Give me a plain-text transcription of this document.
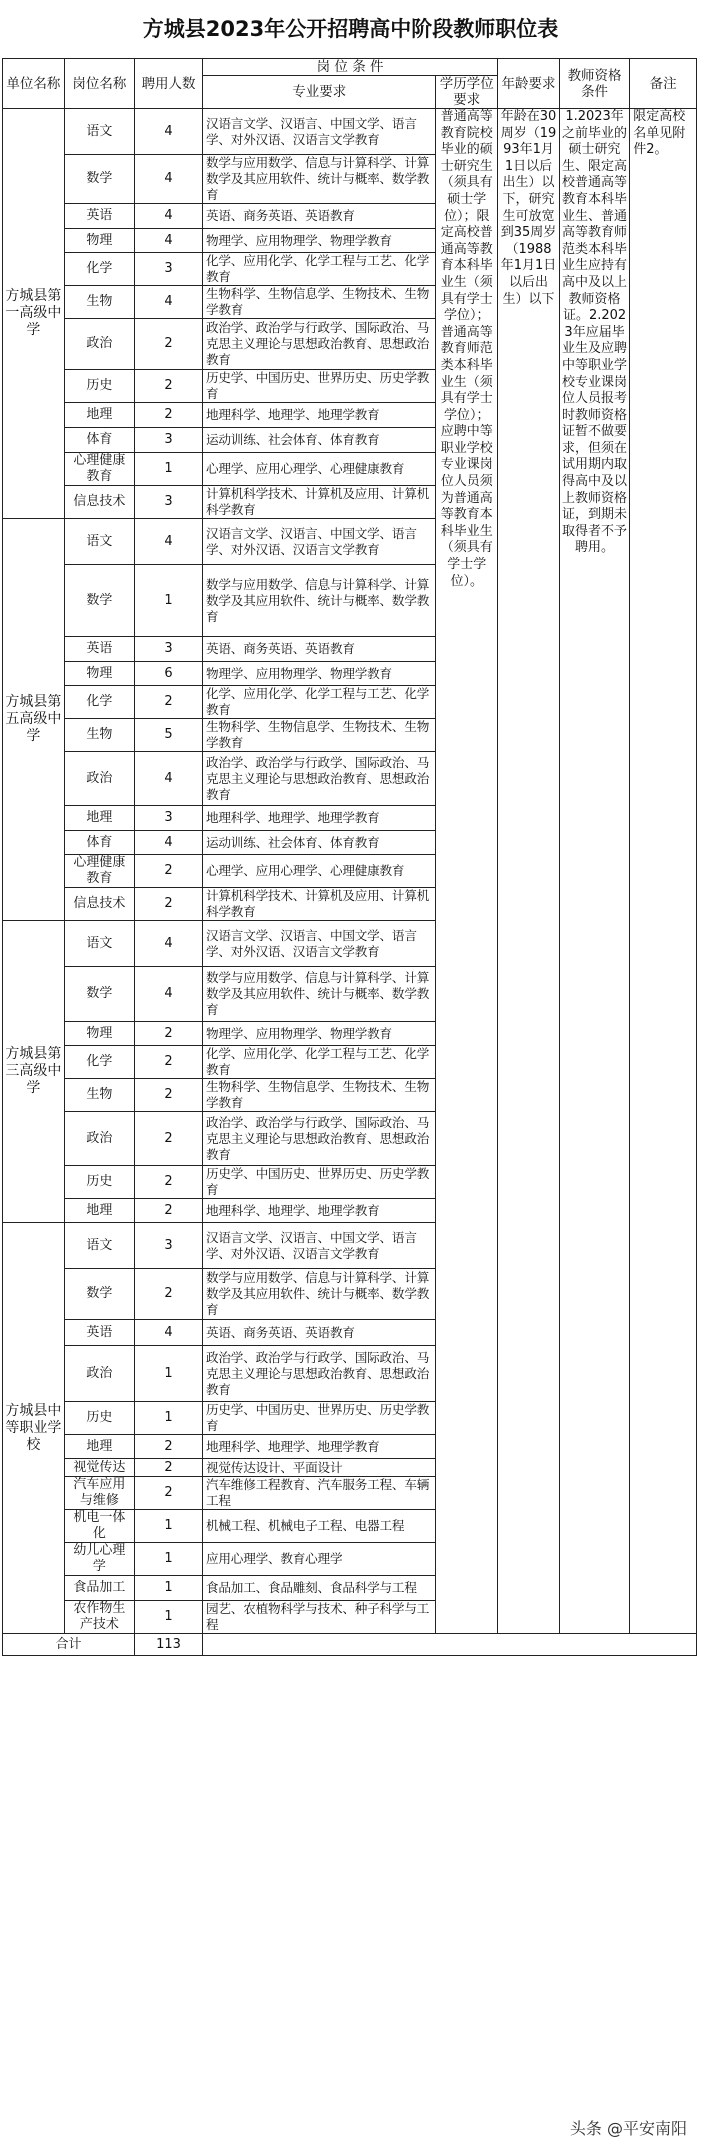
方城县2023年公开招聘高中阶段教师职位表
单位名称	岗位名称	聘用人数	岗 位 条 件		年龄要求	教师资格条件	备注
			专业要求	学历学位要求			
方城县第一高级中学	语文	4	汉语言文学、汉语言、中国文学、语言学、对外汉语、汉语言文学教育	普通高等教育院校毕业的硕士研究生（须具有硕士学位）；限定高校普通高等教育本科毕业生（须具有学士学位）；普通高等教育师范类本科毕业生（须具有学士学位）；应聘中等职业学校专业课岗位人员须为普通高等教育本科毕业生（须具有学士学位）。	年龄在30周岁（1993年1月1日以后出生）以下，研究生可放宽到35周岁（1988年1月1日以后出生）以下	1.2023年之前毕业的硕士研究生、限定高校普通高等教育本科毕业生、普通高等教育师范类本科毕业生应持有高中及以上教师资格证。2.2023年应届毕业生及应聘中等职业学校专业课岗位人员报考时教师资格证暂不做要求，但须在试用期内取得高中及以上教师资格证，到期未取得者不予聘用。	限定高校名单见附件2。
	数学	4	数学与应用数学、信息与计算科学、计算数学及其应用软件、统计与概率、数学教育				
	英语	4	英语、商务英语、英语教育				
	物理	4	物理学、应用物理学、物理学教育				
	化学	3	化学、应用化学、化学工程与工艺、化学教育				
	生物	4	生物科学、生物信息学、生物技术、生物学教育				
	政治	2	政治学、政治学与行政学、国际政治、马克思主义理论与思想政治教育、思想政治教育				
	历史	2	历史学、中国历史、世界历史、历史学教育				
	地理	2	地理科学、地理学、地理学教育				
	体育	3	运动训练、社会体育、体育教育				
	心理健康教育	1	心理学、应用心理学、心理健康教育				
	信息技术	3	计算机科学技术、计算机及应用、计算机科学教育				
方城县第五高级中学	语文	4	汉语言文学、汉语言、中国文学、语言学、对外汉语、汉语言文学教育				
	数学	1	数学与应用数学、信息与计算科学、计算数学及其应用软件、统计与概率、数学教育				
	英语	3	英语、商务英语、英语教育				
	物理	6	物理学、应用物理学、物理学教育				
	化学	2	化学、应用化学、化学工程与工艺、化学教育				
	生物	5	生物科学、生物信息学、生物技术、生物学教育				
	政治	4	政治学、政治学与行政学、国际政治、马克思主义理论与思想政治教育、思想政治教育				
	地理	3	地理科学、地理学、地理学教育				
	体育	4	运动训练、社会体育、体育教育				
	心理健康教育	2	心理学、应用心理学、心理健康教育				
	信息技术	2	计算机科学技术、计算机及应用、计算机科学教育				
方城县第三高级中学	语文	4	汉语言文学、汉语言、中国文学、语言学、对外汉语、汉语言文学教育				
	数学	4	数学与应用数学、信息与计算科学、计算数学及其应用软件、统计与概率、数学教育				
	物理	2	物理学、应用物理学、物理学教育				
	化学	2	化学、应用化学、化学工程与工艺、化学教育				
	生物	2	生物科学、生物信息学、生物技术、生物学教育				
	政治	2	政治学、政治学与行政学、国际政治、马克思主义理论与思想政治教育、思想政治教育				
	历史	2	历史学、中国历史、世界历史、历史学教育				
	地理	2	地理科学、地理学、地理学教育				
方城县中等职业学校	语文	3	汉语言文学、汉语言、中国文学、语言学、对外汉语、汉语言文学教育				
	数学	2	数学与应用数学、信息与计算科学、计算数学及其应用软件、统计与概率、数学教育				
	英语	4	英语、商务英语、英语教育				
	政治	1	政治学、政治学与行政学、国际政治、马克思主义理论与思想政治教育、思想政治教育				
	历史	1	历史学、中国历史、世界历史、历史学教育				
	地理	2	地理科学、地理学、地理学教育				
	视觉传达	2	视觉传达设计、平面设计				
	汽车应用与维修	2	汽车维修工程教育、汽车服务工程、车辆工程				
	机电一体化	1	机械工程、机械电子工程、电器工程				
	幼儿心理学	1	应用心理学、教育心理学				
	食品加工	1	食品加工、食品雕刻、食品科学与工程				
	农作物生产技术	1	园艺、农植物科学与技术、种子科学与工程				
合计		113					
头条 @平安南阳
